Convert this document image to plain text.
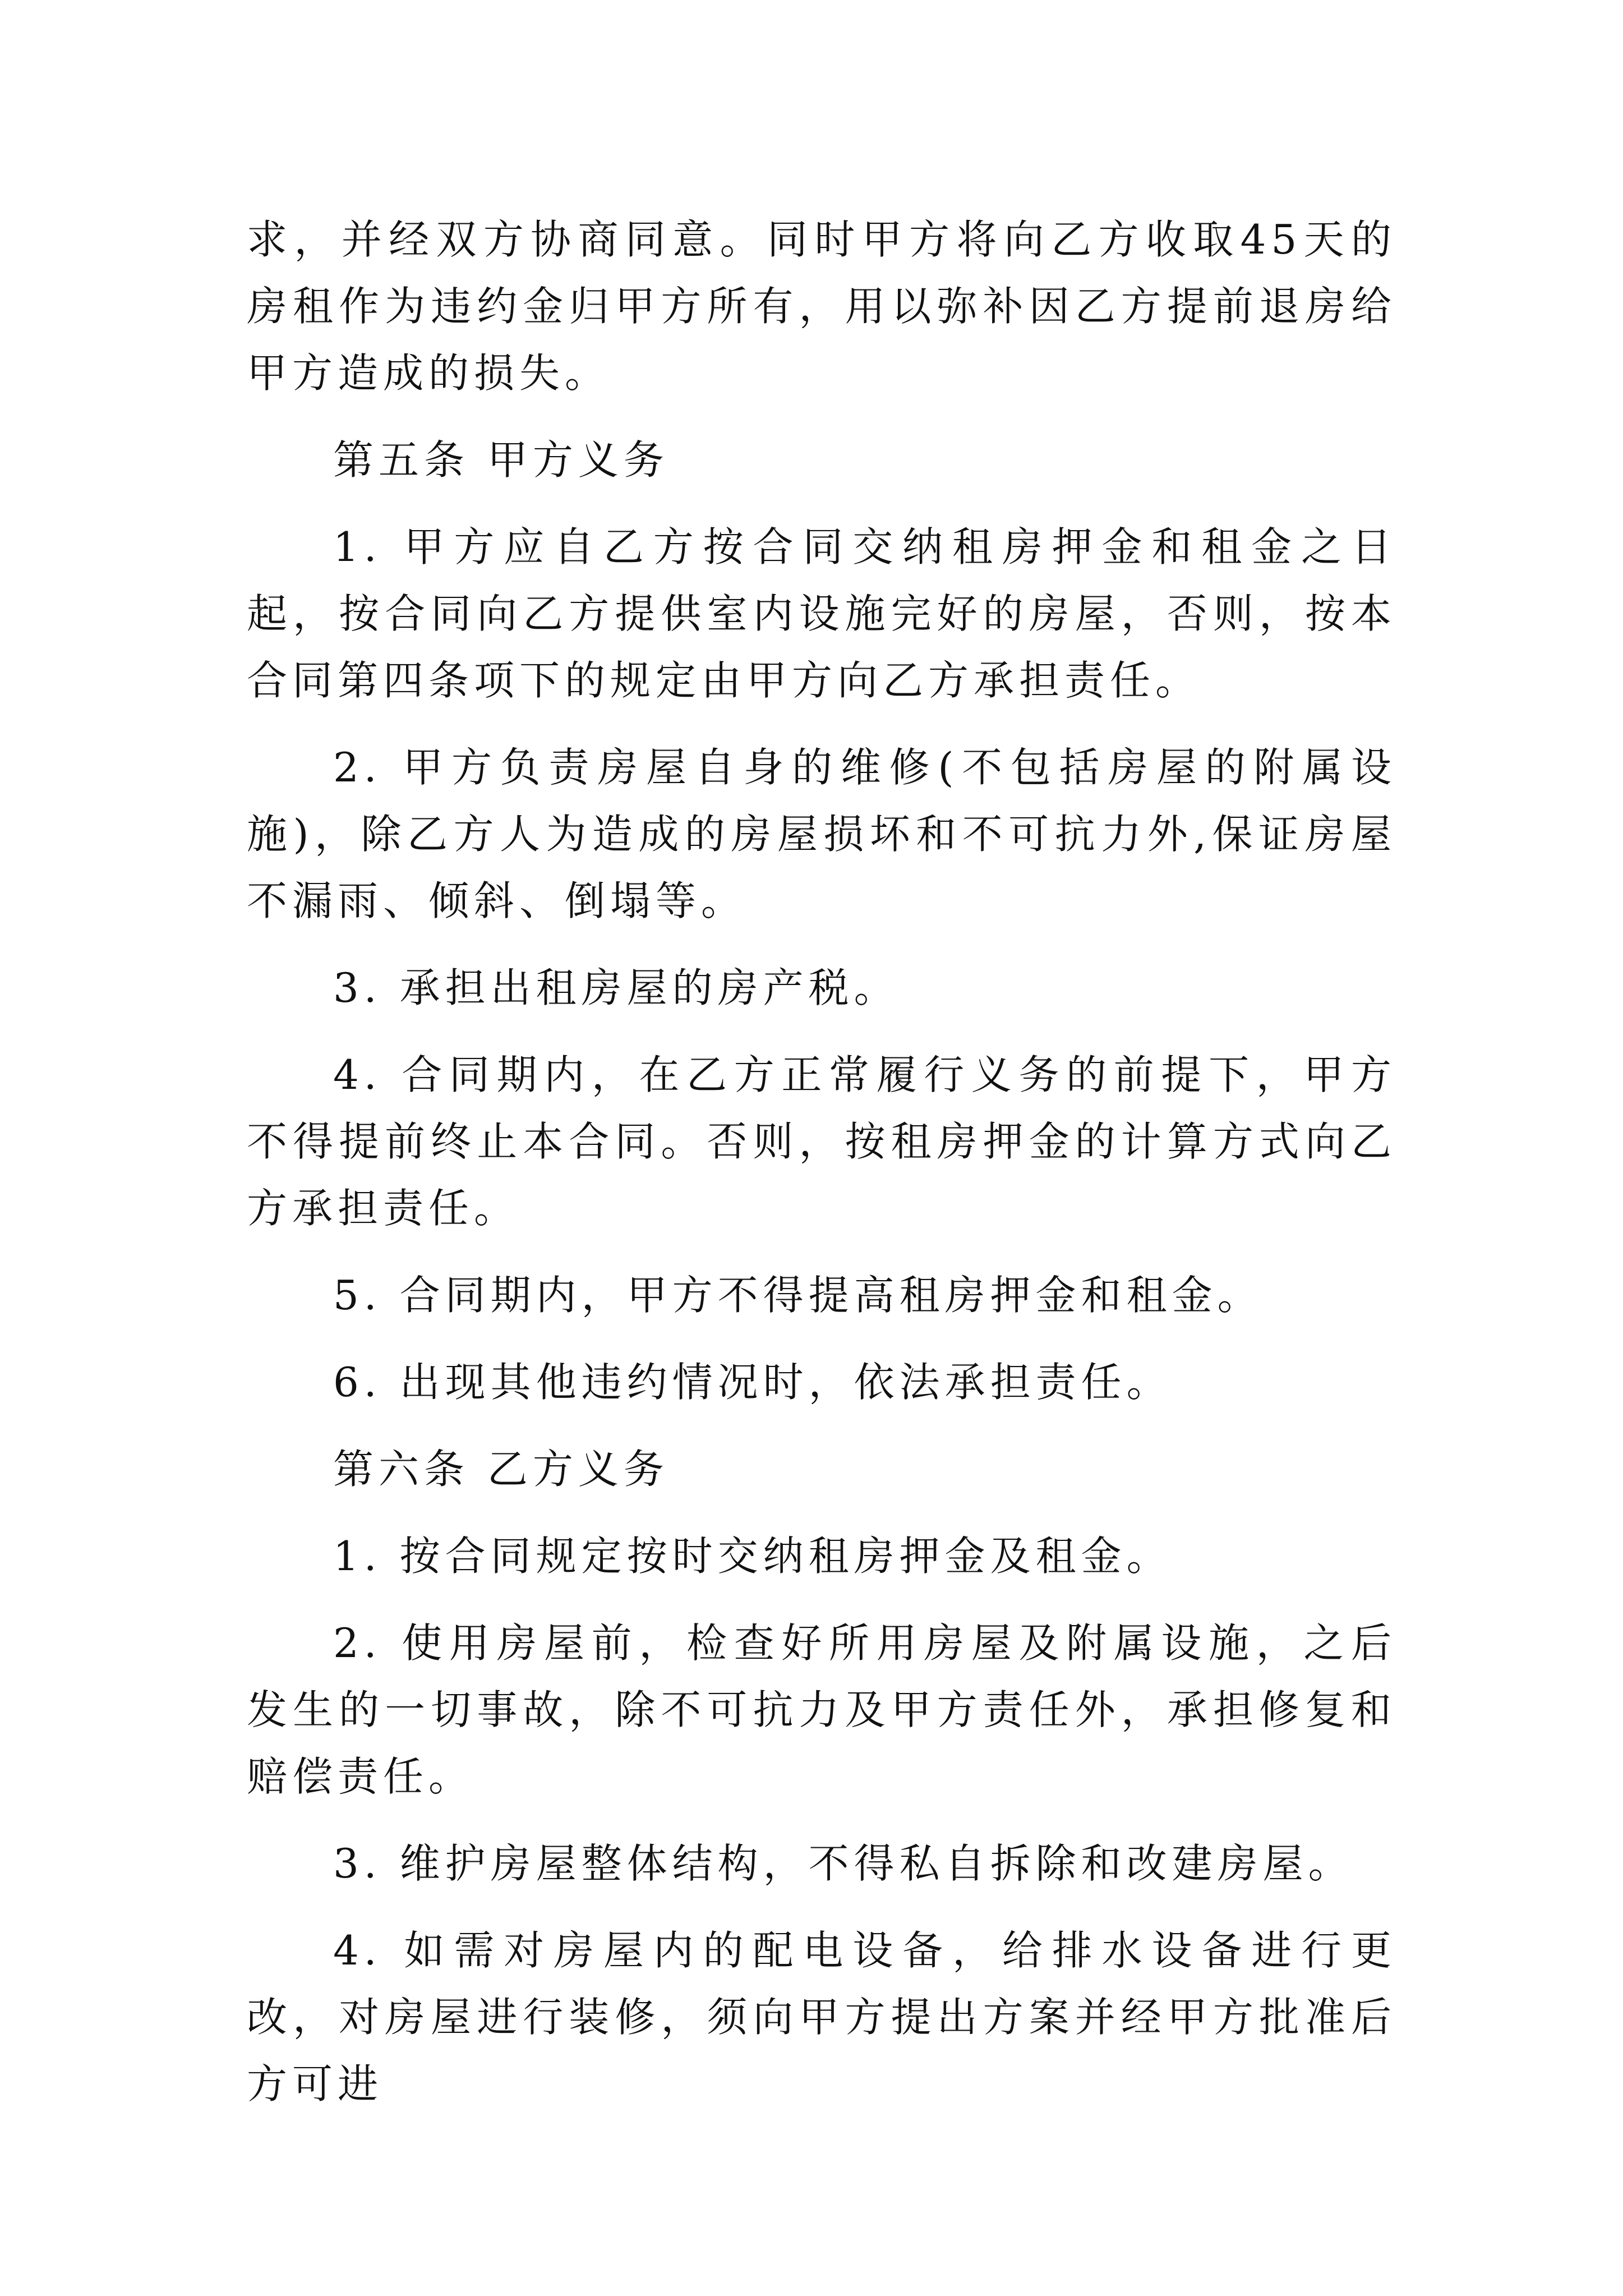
求，并经双方协商同意。同时甲方将向乙方收取45天的房租作为违约金归甲方所有，用以弥补因乙方提前退房给甲方造成的损失。

第五条 甲方义务

1. 甲方应自乙方按合同交纳租房押金和租金之日起，按合同向乙方提供室内设施完好的房屋，否则，按本合同第四条项下的规定由甲方向乙方承担责任。

2. 甲方负责房屋自身的维修(不包括房屋的附属设施)，除乙方人为造成的房屋损坏和不可抗力外,保证房屋不漏雨、倾斜、倒塌等。

3. 承担出租房屋的房产税。

4. 合同期内，在乙方正常履行义务的前提下，甲方不得提前终止本合同。否则，按租房押金的计算方式向乙方承担责任。

5. 合同期内，甲方不得提高租房押金和租金。

6. 出现其他违约情况时，依法承担责任。

第六条 乙方义务

1. 按合同规定按时交纳租房押金及租金。

2. 使用房屋前，检查好所用房屋及附属设施，之后发生的一切事故，除不可抗力及甲方责任外，承担修复和赔偿责任。

3. 维护房屋整体结构，不得私自拆除和改建房屋。

4. 如需对房屋内的配电设备，给排水设备进行更改，对房屋进行装修，须向甲方提出方案并经甲方批准后方可进
